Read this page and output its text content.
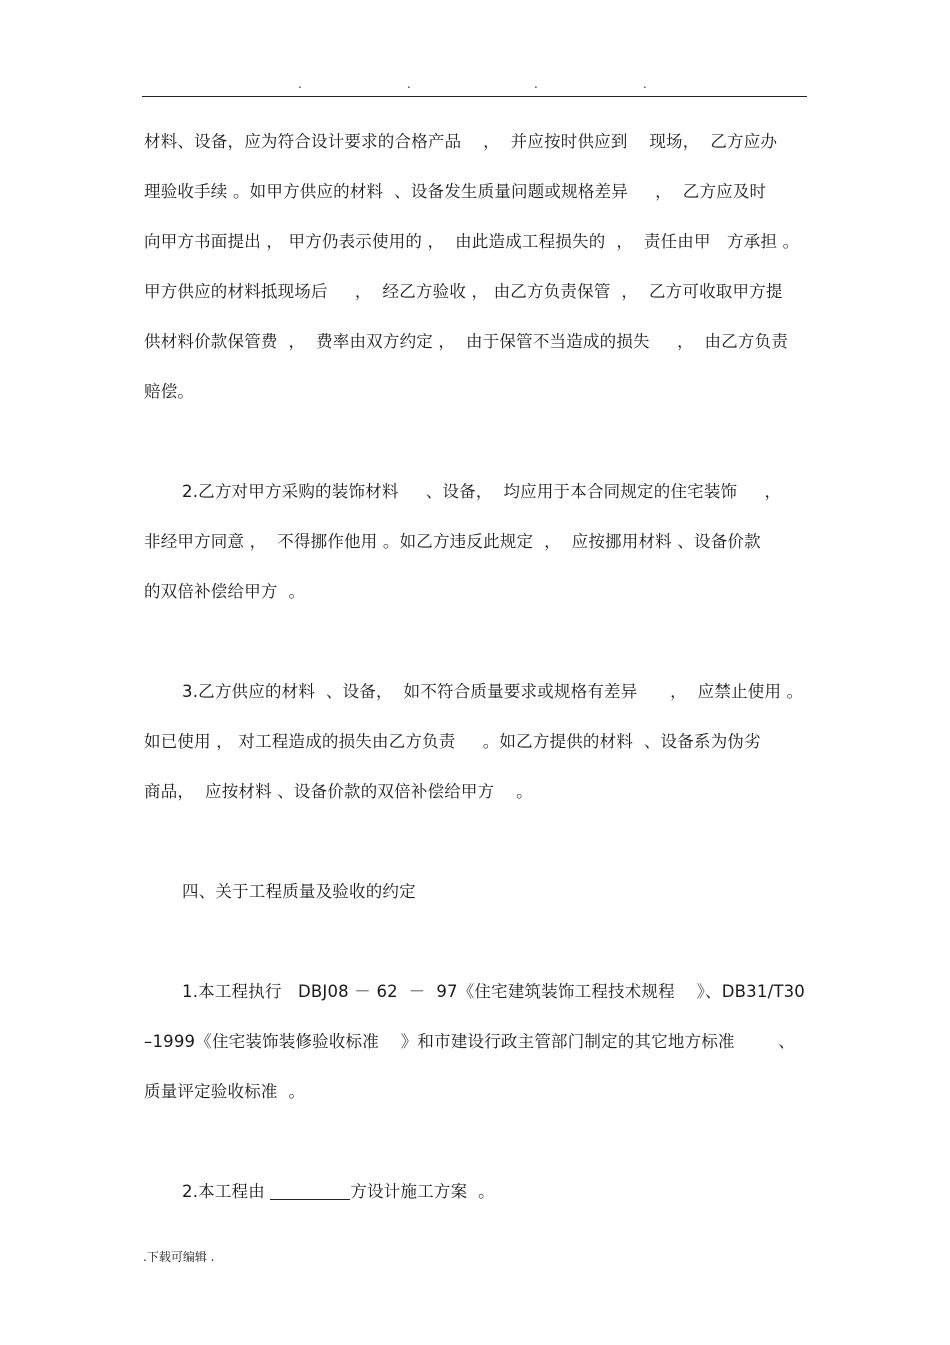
.	.	.	.
材料、设备，应为符合设计要求的合格产品    ，  并应按时供应到    现场，  乙方应办
理验收手续 。如甲方供应的材料  、设备发生质量问题或规格差异     ，  乙方应及时
向甲方书面提出 ， 甲方仍表示使用的 ，  由此造成工程损失的  ，  责任由甲   方承担 。
甲方供应的材料抵现场后     ，  经乙方验收 ， 由乙方负责保管  ，  乙方可收取甲方提
供材料价款保管费  ，  费率由双方约定 ，  由于保管不当造成的损失     ，  由乙方负责
赔偿。
2.乙方对甲方采购的装饰材料     、设备，  均应用于本合同规定的住宅装饰     ，
非经甲方同意 ，  不得挪作他用 。如乙方违反此规定  ，  应按挪用材料 、设备价款
的双倍补偿给甲方  。
3.乙方供应的材料  、设备，  如不符合质量要求或规格有差异      ，  应禁止使用 。
如已使用 ， 对工程造成的损失由乙方负责     。如乙方提供的材料  、设备系为伪劣
商品，  应按材料 、设备价款的双倍补偿给甲方    。
四、关于工程质量及验收的约定
1.本工程执行   DBJ08 － 62  －  97《住宅建筑装饰工程技术规程    》、DB31/T30
–1999《住宅装饰装修验收标准    》和市建设行政主管部门制定的其它地方标准        、
质量评定验收标准  。
2.本工程由	方设计施工方案  。
.下载可编辑 .
